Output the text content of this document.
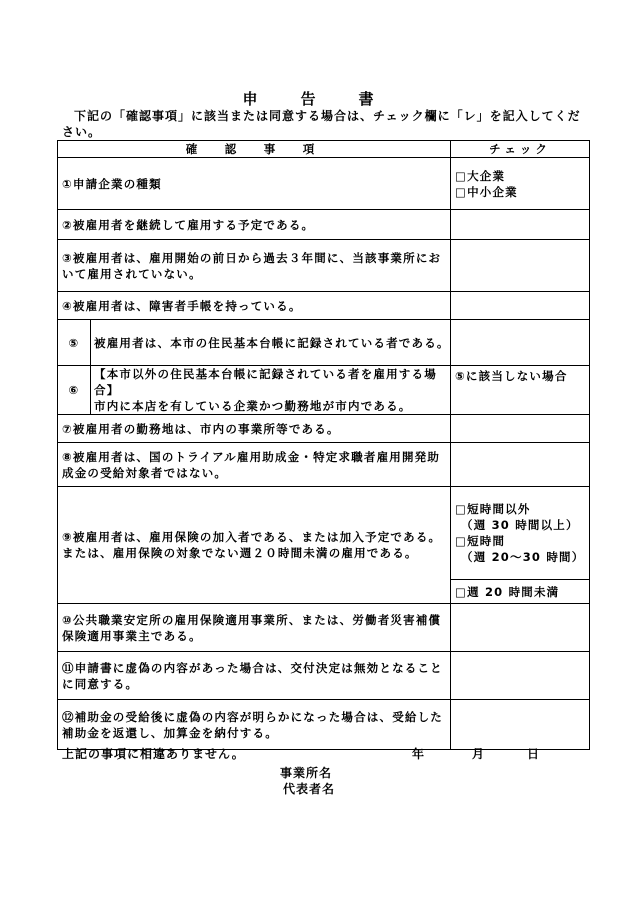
申　告　書
下記の「確認事項」に該当または同意する場合は、チェック欄に「レ」を記入してください。
確　認　事　項		チェック
①申請企業の種類		□大企業
□中小企業

②被雇用者を継続して雇用する予定である。		
③被雇用者は、雇用開始の前日から過去３年間に、当該事業所において雇用されていない。		
④被雇用者は、障害者手帳を持っている。		
⑤	被雇用者は、本市の住民基本台帳に記録されている者である。	
⑥	【本市以外の住民基本台帳に記録されている者を雇用する場合】
市内に本店を有している企業かつ勤務地が市内である。	⑤に該当しない場合
⑦被雇用者の勤務地は、市内の事業所等である。		
⑧被雇用者は、国のトライアル雇用助成金・特定求職者雇用開発助成金の受給対象者ではない。		
⑨被雇用者は、雇用保険の加入者である、または加入予定である。または、雇用保険の対象でない週２０時間未満の雇用である。		□短時間以外
（週 30 時間以上）
□短時間
（週 20～30 時間）

		□週 20 時間未満

⑩公共職業安定所の雇用保険適用事業所、または、労働者災害補償保険適用事業主である。		
⑪申請書に虚偽の内容があった場合は、交付決定は無効となることに同意する。		
⑫補助金の受給後に虚偽の内容が明らかになった場合は、受給した補助金を返還し、加算金を納付する。		
上記の事項に相違ありません。	年	月	日
事業所名
代表者名
